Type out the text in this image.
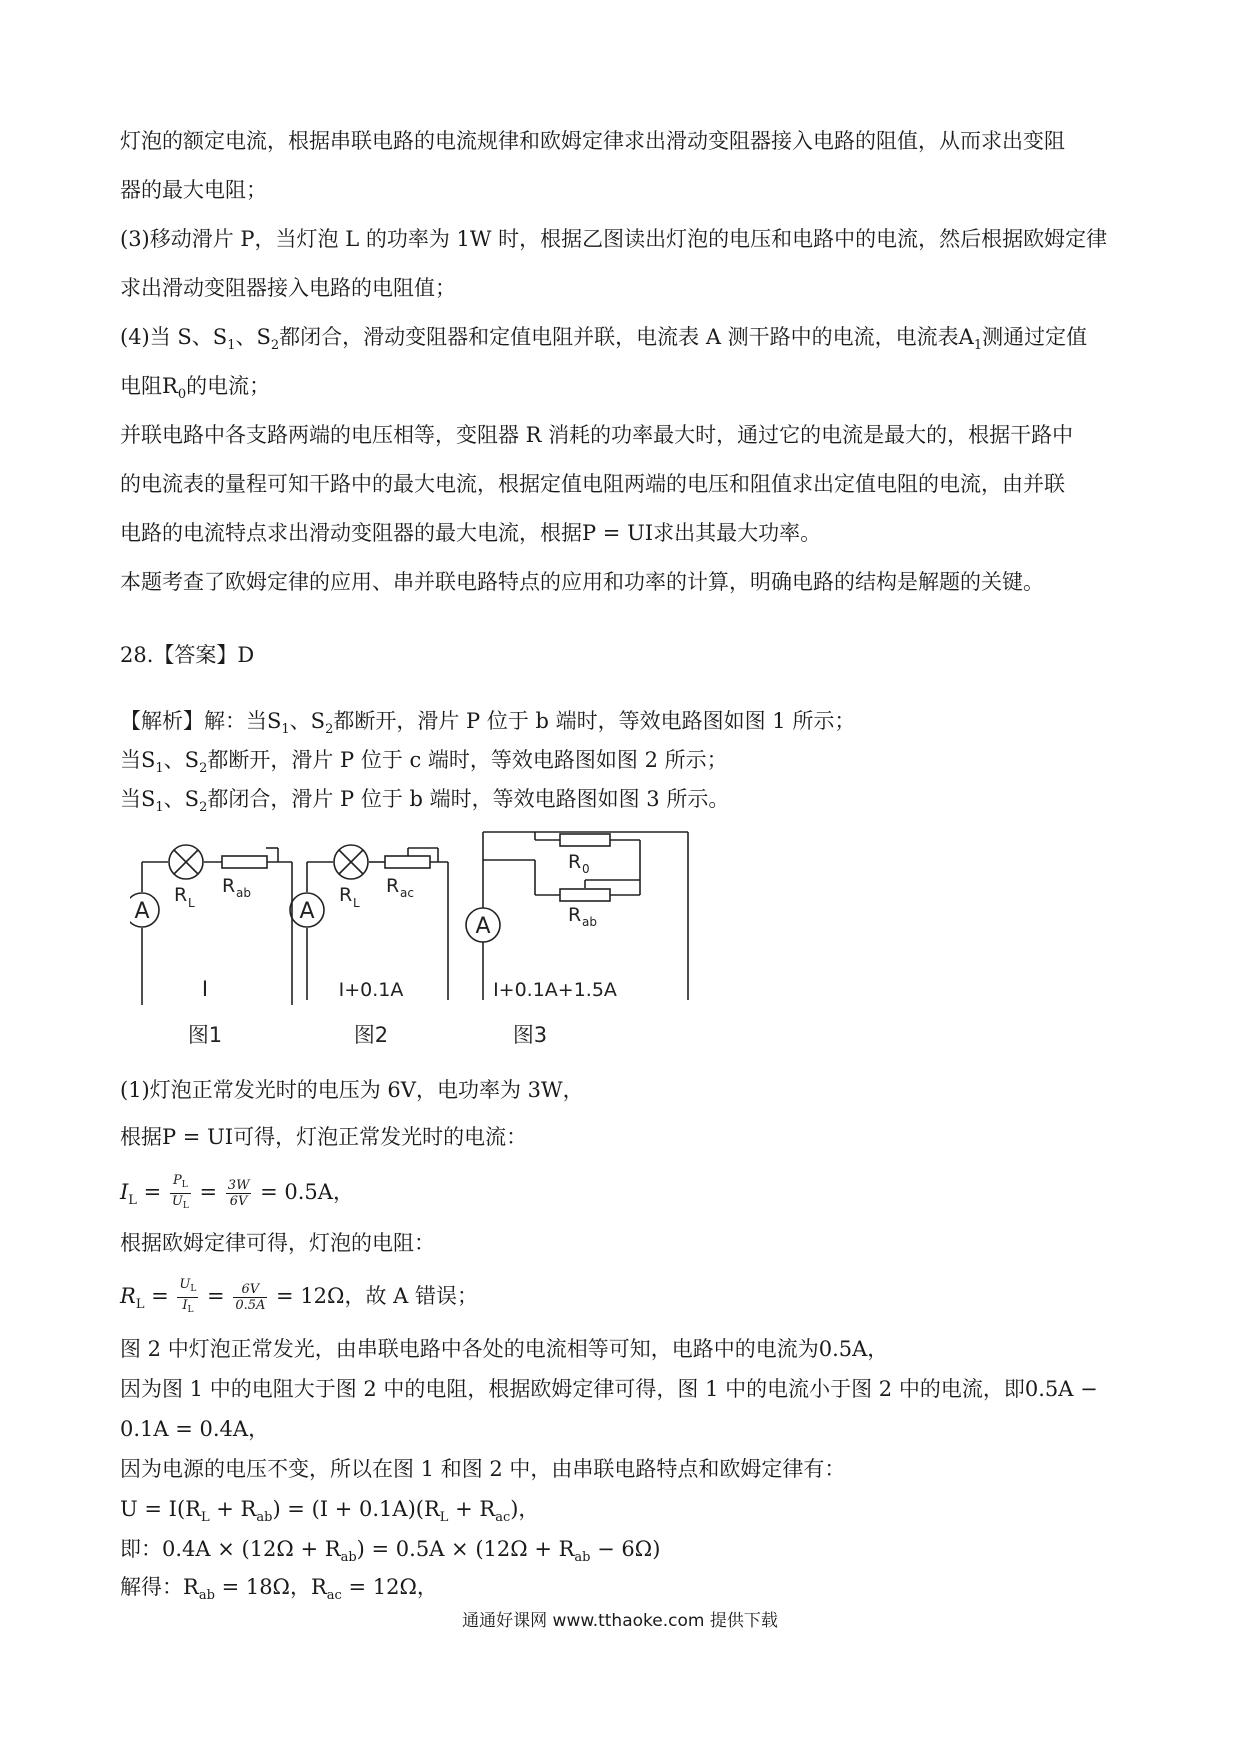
灯泡的额定电流，根据串联电路的电流规律和欧姆定律求出滑动变阻器接入电路的阻值，从而求出变阻
器的最大电阻；
(3)移动滑片 P，当灯泡 L 的功率为 1W 时，根据乙图读出灯泡的电压和电路中的电流，然后根据欧姆定律
求出滑动变阻器接入电路的电阻值；
(4)当 S、$S_1$、$S_2$都闭合，滑动变阻器和定值电阻并联，电流表 A 测干路中的电流，电流表$A_1$测通过定值
电阻$R_0$的电流；
并联电路中各支路两端的电压相等，变阻器 R 消耗的功率最大时，通过它的电流是最大的，根据干路中
的电流表的量程可知干路中的最大电流，根据定值电阻两端的电压和阻值求出定值电阻的电流，由并联
电路的电流特点求出滑动变阻器的最大电流，根据P = UI求出其最大功率。
本题考查了欧姆定律的应用、串并联电路特点的应用和功率的计算，明确电路的结构是解题的关键。
28.【答案】D
【解析】解：当$S_1$、$S_2$都断开，滑片 P 位于 b 端时，等效电路图如图 1 所示；
当$S_1$、$S_2$都断开，滑片 P 位于 c 端时，等效电路图如图 2 所示；
当$S_1$、$S_2$都闭合，滑片 P 位于 b 端时，等效电路图如图 3 所示。
A
R L
R ab
I
图1
A
R L
R ac
I+0.1A
图2
A
R 0
R ab
I+0.1A+1.5A
图3
(1)灯泡正常发光时的电压为 6V，电功率为 3W，
根据P = UI可得，灯泡正常发光时的电流：
$I_L = \frac{P_L}{U_L} = \frac{3W}{6V} = 0.5A$，
根据欧姆定律可得，灯泡的电阻：
$R_L = \frac{U_L}{I_L} = \frac{6V}{0.5A} = 12\Omega$，故 A 错误；
图 2 中灯泡正常发光，由串联电路中各处的电流相等可知，电路中的电流为0.5A，
因为图 1 中的电阻大于图 2 中的电阻，根据欧姆定律可得，图 1 中的电流小于图 2 中的电流，即0.5A −
0.1A = 0.4A，
因为电源的电压不变，所以在图 1 和图 2 中，由串联电路特点和欧姆定律有：
$U = I(R_L + R_{ab}) = (I + 0.1A)(R_L + R_{ac})$，
即：$0.4A \times (12\Omega + R_{ab}) = 0.5A \times (12\Omega + R_{ab} - 6\Omega)$
解得：$R_{ab} = 18\Omega$，$R_{ac} = 12\Omega$，
通通好课网 www.tthaoke.com 提供下载
